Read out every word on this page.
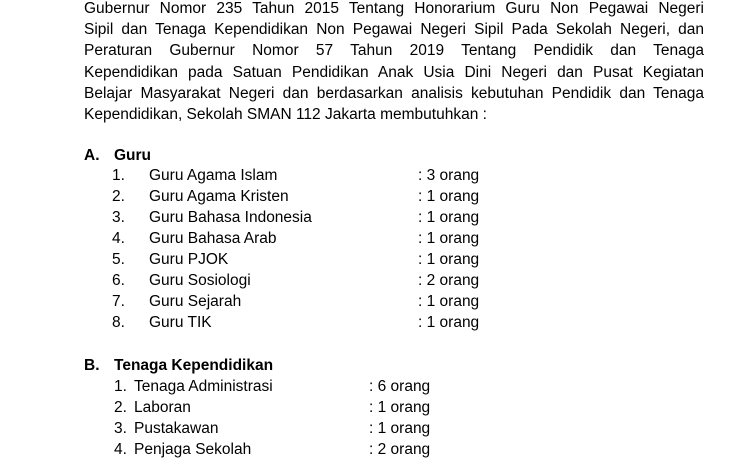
Gubernur Nomor 235 Tahun 2015 Tentang Honorarium Guru Non Pegawai Negeri
Sipil dan Tenaga Kependidikan Non Pegawai Negeri Sipil Pada Sekolah Negeri, dan
Peraturan Gubernur Nomor 57 Tahun 2019 Tentang Pendidik dan Tenaga
Kependidikan pada Satuan Pendidikan Anak Usia Dini Negeri dan Pusat Kegiatan
Belajar Masyarakat Negeri dan berdasarkan analisis kebutuhan Pendidik dan Tenaga
Kependidikan, Sekolah SMAN 112 Jakarta membutuhkan :
A. Guru
1. Guru Agama Islam	: 3 orang
2. Guru Agama Kristen	: 1 orang
3. Guru Bahasa Indonesia	: 1 orang
4. Guru Bahasa Arab	: 1 orang
5. Guru PJOK	: 1 orang
6. Guru Sosiologi	: 2 orang
7. Guru Sejarah	: 1 orang
8. Guru TIK	: 1 orang
B. Tenaga Kependidikan
1. Tenaga Administrasi	: 6 orang
2. Laboran	: 1 orang
3. Pustakawan	: 1 orang
4. Penjaga Sekolah	: 2 orang
